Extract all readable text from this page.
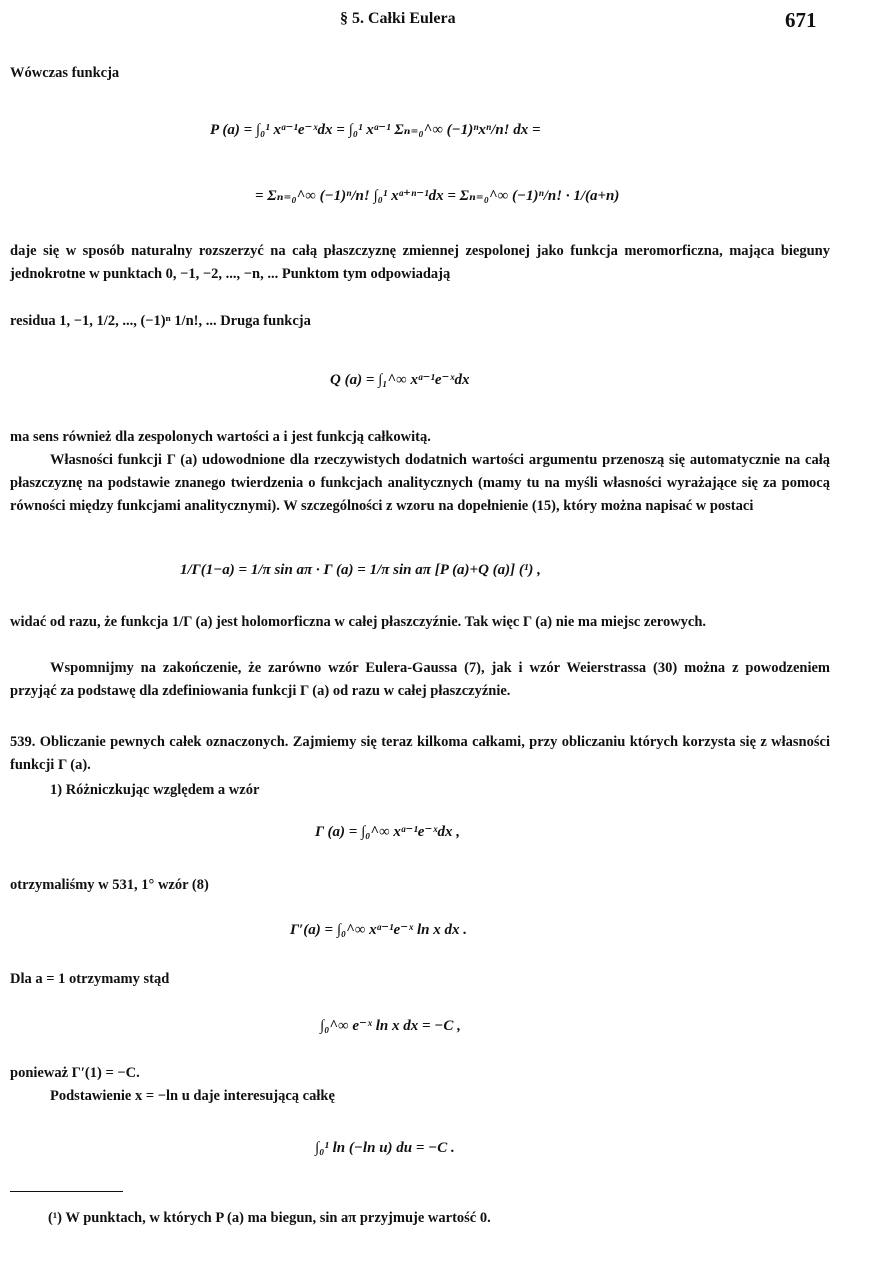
§ 5. Całki Eulera	671
Wówczas funkcja
P (a) = ∫₀¹ xᵃ⁻¹e⁻ˣdx = ∫₀¹ xᵃ⁻¹ Σₙ₌₀^∞ (−1)ⁿxⁿ/n! dx =
= Σₙ₌₀^∞ (−1)ⁿ/n! ∫₀¹ xᵃ⁺ⁿ⁻¹dx = Σₙ₌₀^∞ (−1)ⁿ/n! · 1/(a+n)
daje się w sposób naturalny rozszerzyć na całą płaszczyznę zmiennej zespolonej jako funkcja meromorficzna, mająca bieguny jednokrotne w punktach 0, −1, −2, ..., −n, ... Punktom tym odpowiadają
residua 1, −1, 1/2, ..., (−1)ⁿ 1/n!, ... Druga funkcja
Q (a) = ∫₁^∞ xᵃ⁻¹e⁻ˣdx
ma sens również dla zespolonych wartości a i jest funkcją całkowitą.
Własności funkcji Γ (a) udowodnione dla rzeczywistych dodatnich wartości argumentu przenoszą się automatycznie na całą płaszczyznę na podstawie znanego twierdzenia o funkcjach analitycznych (mamy tu na myśli własności wyrażające się za pomocą równości między funkcjami analitycznymi). W szczególności z wzoru na dopełnienie (15), który można napisać w postaci
1/Γ(1−a) = 1/π sin aπ · Γ (a) = 1/π sin aπ [P (a)+Q (a)] (¹) ,
widać od razu, że funkcja 1/Γ (a) jest holomorficzna w całej płaszczyźnie. Tak więc Γ (a) nie ma miejsc zerowych.
Wspomnijmy na zakończenie, że zarówno wzór Eulera-Gaussa (7), jak i wzór Weierstrassa (30) można z powodzeniem przyjąć za podstawę dla zdefiniowania funkcji Γ (a) od razu w całej płaszczyźnie.
539. Obliczanie pewnych całek oznaczonych. Zajmiemy się teraz kilkoma całkami, przy obliczaniu których korzysta się z własności funkcji Γ (a).
1) Różniczkując względem a wzór
Γ (a) = ∫₀^∞ xᵃ⁻¹e⁻ˣdx ,
otrzymaliśmy w 531, 1° wzór (8)
Γ′(a) = ∫₀^∞ xᵃ⁻¹e⁻ˣ ln x dx .
Dla a = 1 otrzymamy stąd
∫₀^∞ e⁻ˣ ln x dx = −C ,
ponieważ Γ′(1) = −C.
Podstawienie x = −ln u daje interesującą całkę
∫₀¹ ln (−ln u) du = −C .
(¹) W punktach, w których P (a) ma biegun, sin aπ przyjmuje wartość 0.
